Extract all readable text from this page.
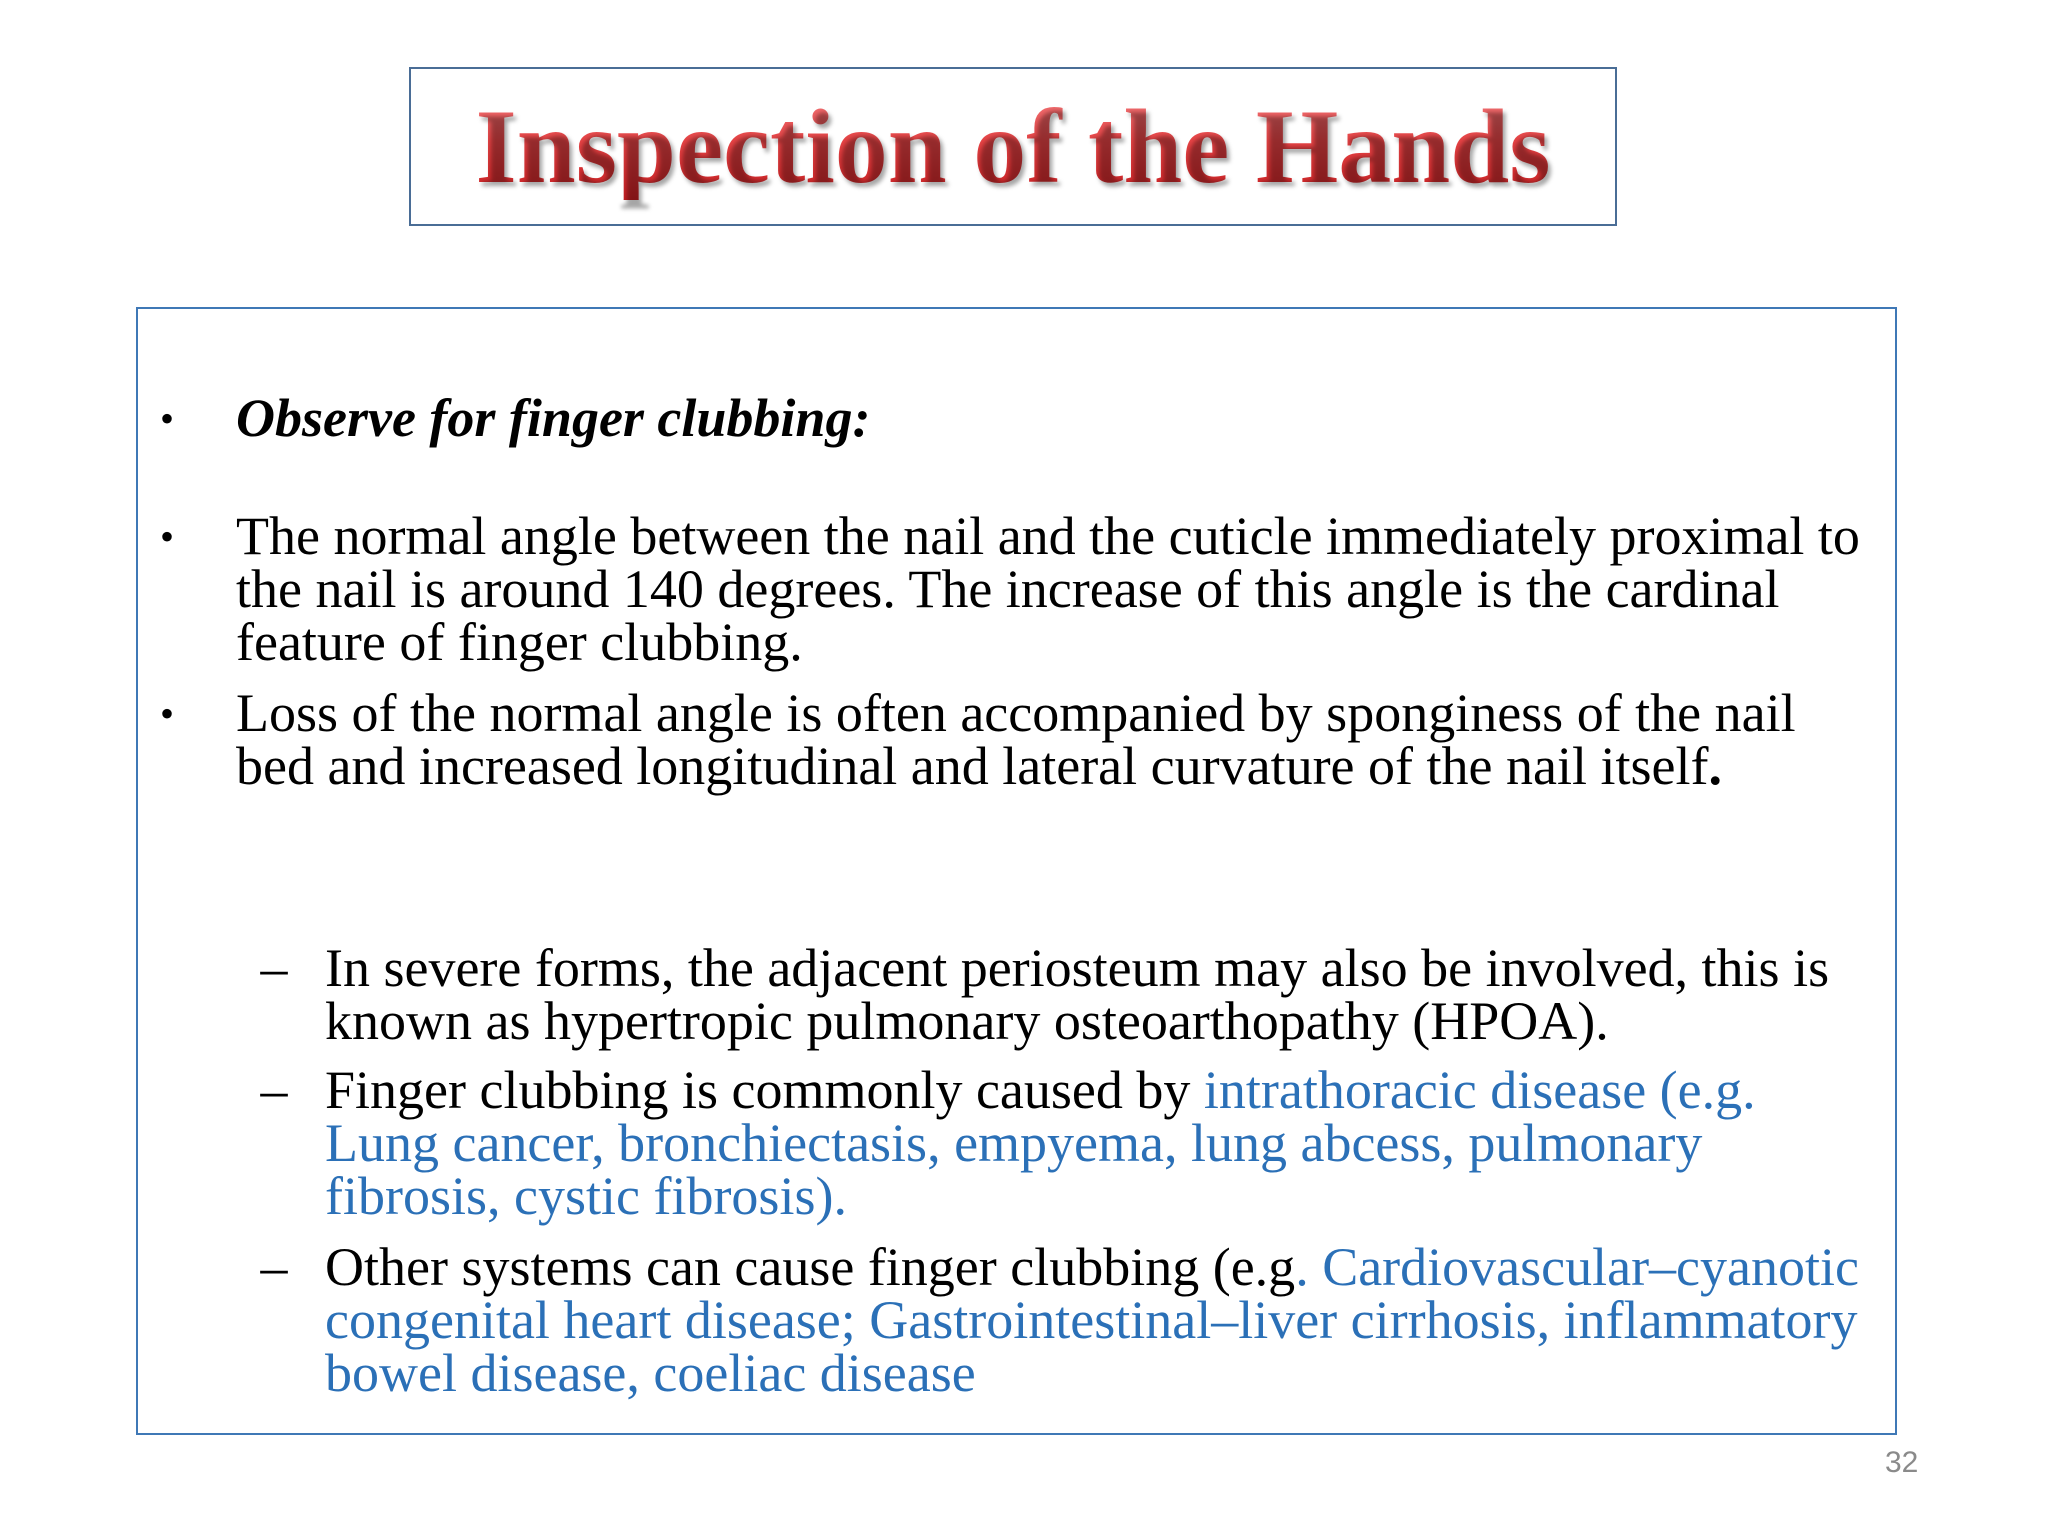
Inspection of the Hands
• Observe for finger clubbing:
• The normal angle between the nail and the cuticle immediately proximal to the nail is around 140 degrees. The increase of this angle is the cardinal feature of finger clubbing.
• Loss of the normal angle is often accompanied by sponginess of the nail bed and increased longitudinal and lateral curvature of the nail itself.
– In severe forms, the adjacent periosteum may also be involved, this is known as hypertropic pulmonary osteoarthopathy (HPOA).
– Finger clubbing is commonly caused by intrathoracic disease (e.g. Lung cancer, bronchiectasis, empyema, lung abcess, pulmonary fibrosis, cystic fibrosis).
– Other systems can cause finger clubbing (e.g. Cardiovascular–cyanotic congenital heart disease; Gastrointestinal–liver cirrhosis, inflammatory bowel disease, coeliac disease
32
